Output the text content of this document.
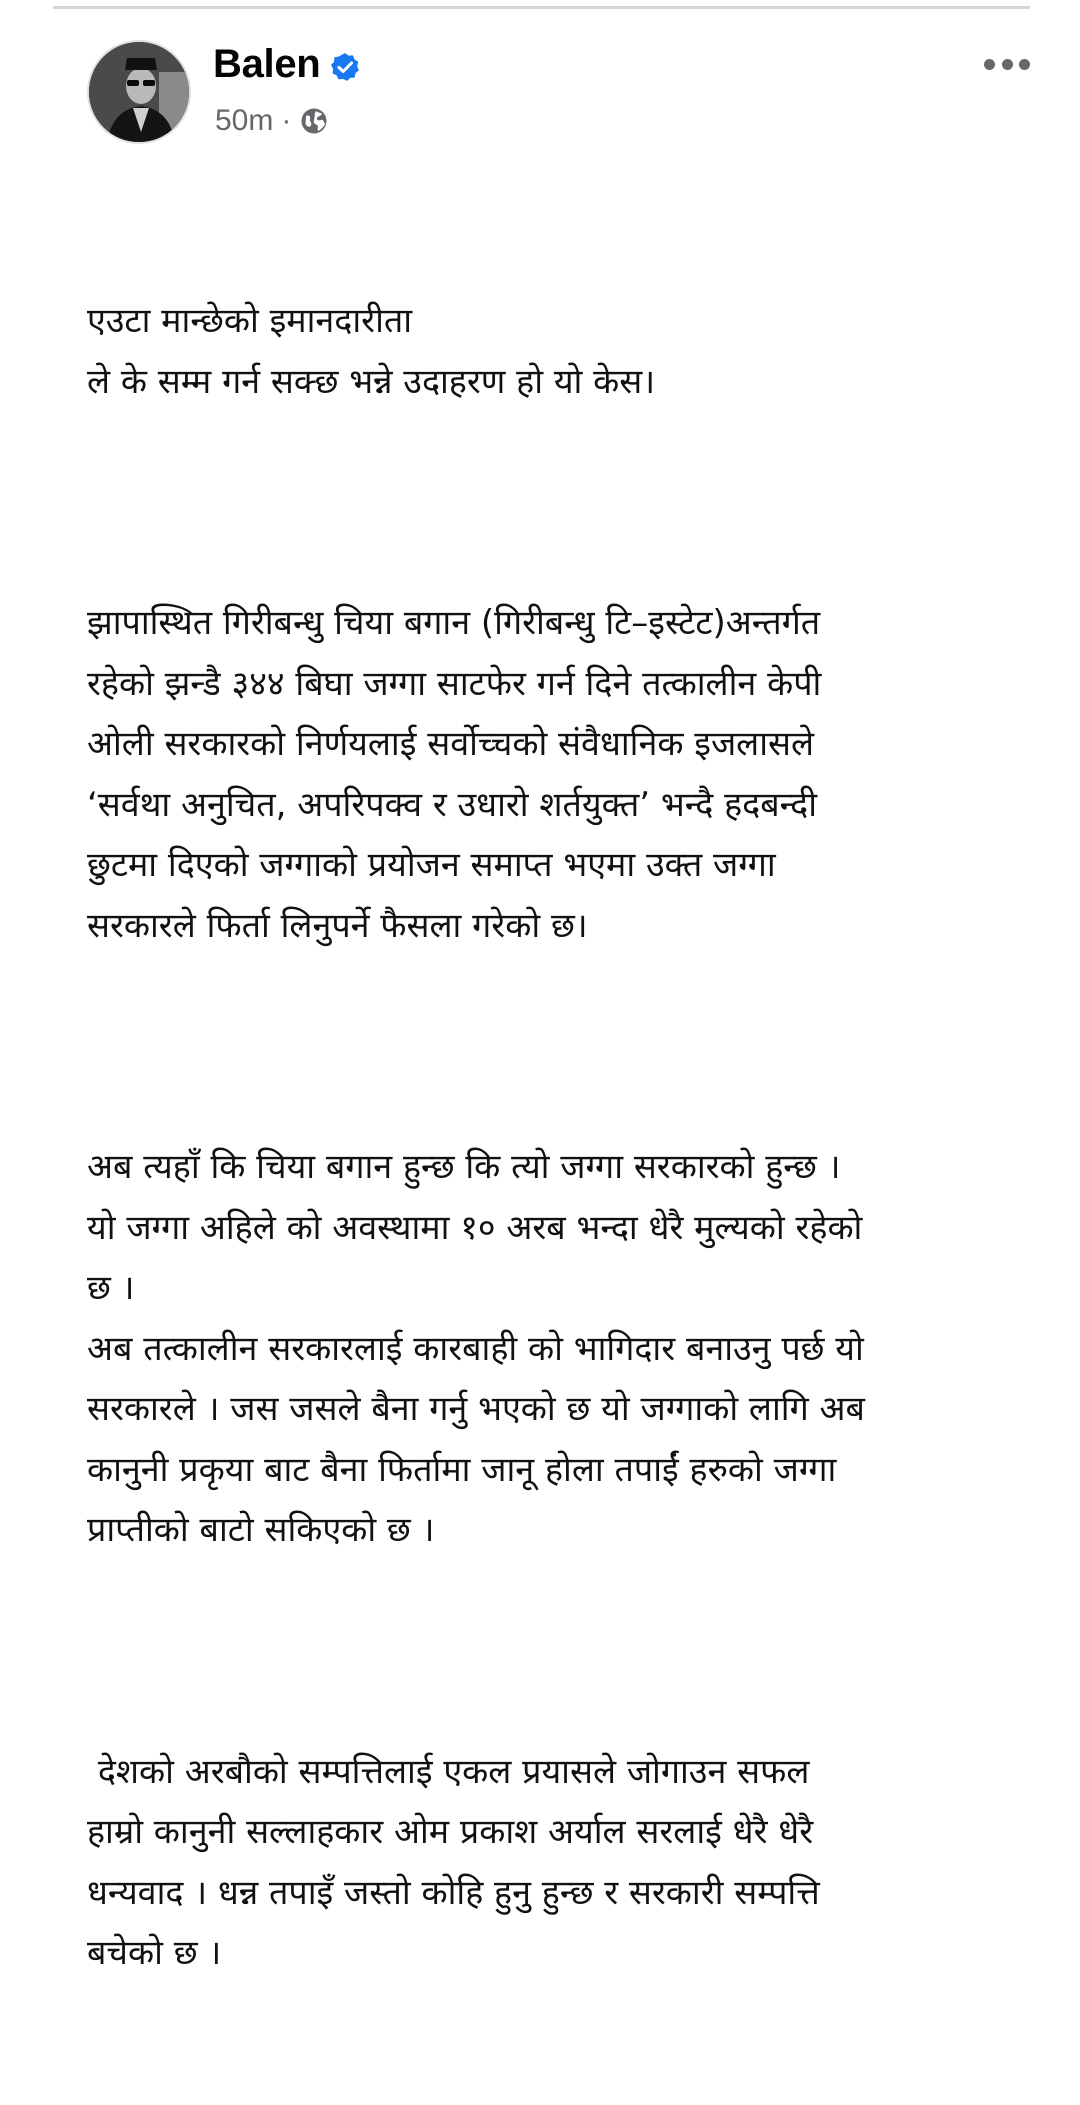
Balen
50m ·

एउटा मान्छेको इमानदारीता
ले के सम्म गर्न सक्छ भन्ने उदाहरण हो यो केस।

झापास्थित गिरीबन्धु चिया बगान (गिरीबन्धु टि–इस्टेट)अन्तर्गत
रहेको झन्डै ३४४ बिघा जग्गा साटफेर गर्न दिने तत्कालीन केपी
ओली सरकारको निर्णयलाई सर्वोच्चको संवैधानिक इजलासले
‘सर्वथा अनुचित, अपरिपक्व र उधारो शर्तयुक्त’ भन्दै हदबन्दी
छुटमा दिएको जग्गाको प्रयोजन समाप्त भएमा उक्त जग्गा
सरकारले फिर्ता लिनुपर्ने फैसला गरेको छ।

अब त्यहाँ कि चिया बगान हुन्छ कि त्यो जग्गा सरकारको हुन्छ ।
यो जग्गा अहिले को अवस्थामा १० अरब भन्दा धेरै मुल्यको रहेको
छ ।
अब तत्कालीन सरकारलाई कारबाही को भागिदार बनाउनु पर्छ यो
सरकारले । जस जसले बैना गर्नु भएको छ यो जग्गाको लागि अब
कानुनी प्रकृया बाट बैना फिर्तामा जानू होला तपाईं हरुको जग्गा
प्राप्तीको बाटो सकिएको छ ।

देशको अरबौको सम्पत्तिलाई एकल प्रयासले जोगाउन सफल
हाम्रो कानुनी सल्लाहकार ओम प्रकाश अर्याल सरलाई धेरै धेरै
धन्यवाद । धन्न तपाइँ जस्तो कोहि हुनु हुन्छ र सरकारी सम्पत्ति
बचेको छ ।
